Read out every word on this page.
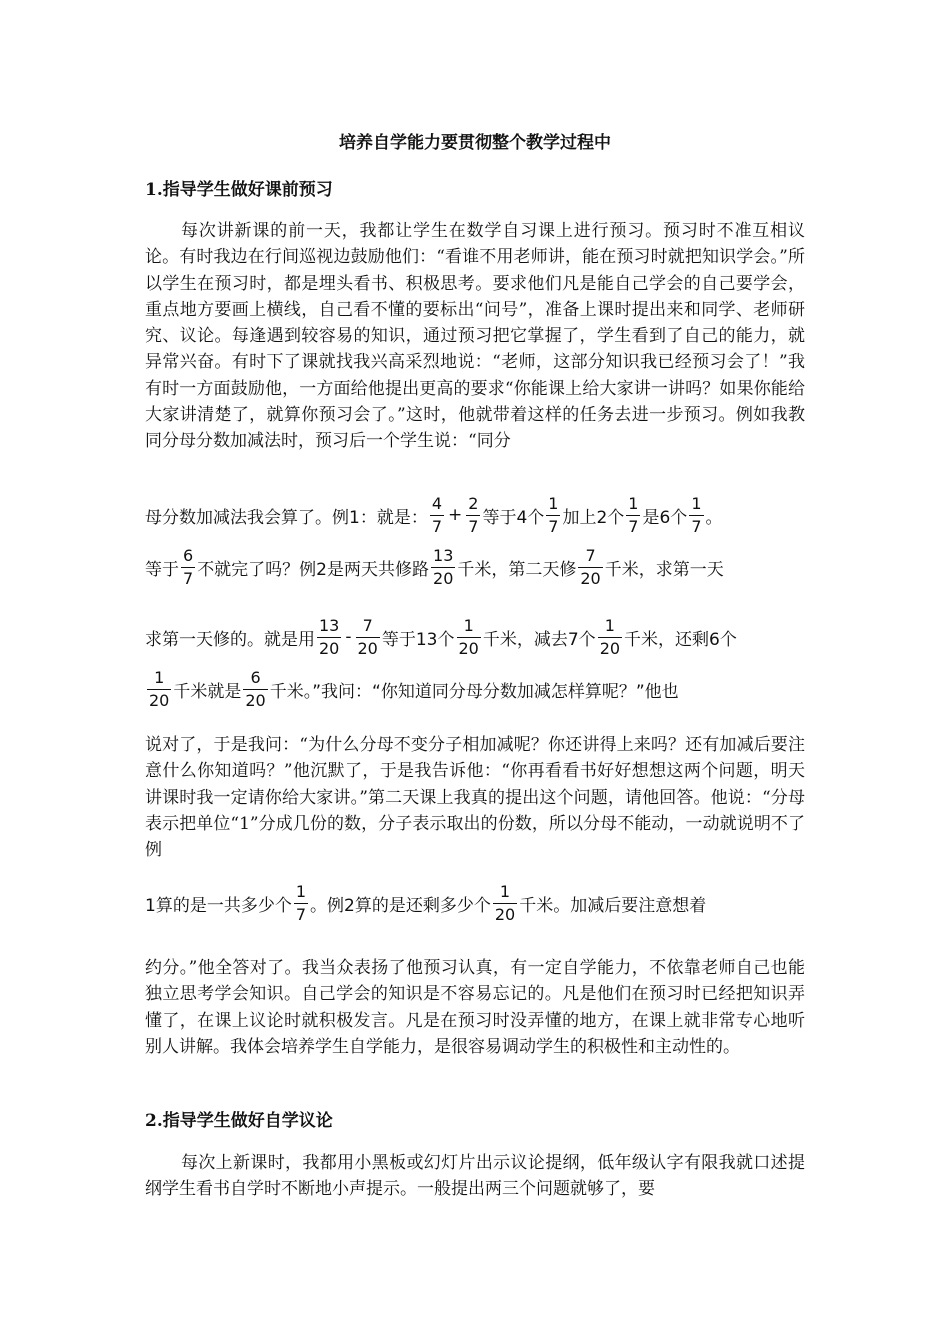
培养自学能力要贯彻整个教学过程中
1.指导学生做好课前预习

每次讲新课的前一天，我都让学生在数学自习课上进行预习。预习时不准互相议论。有时我边在行间巡视边鼓励他们：“看谁不用老师讲，能在预习时就把知识学会。”所以学生在预习时，都是埋头看书、积极思考。要求他们凡是能自己学会的自己要学会，重点地方要画上横线，自己看不懂的要标出“问号”，准备上课时提出来和同学、老师研究、议论。每逢遇到较容易的知识，通过预习把它掌握了，学生看到了自己的能力，就异常兴奋。有时下了课就找我兴高采烈地说：“老师，这部分知识我已经预习会了！”我有时一方面鼓励他，一方面给他提出更高的要求“你能课上给大家讲一讲吗？如果你能给大家讲清楚了，就算你预习会了。”这时，他就带着这样的任务去进一步预习。例如我教同分母分数加减法时，预习后一个学生说：“同分

母分数加减法我会算了。例1：就是： $\frac{4}{7} + \frac{2}{7}$ 等于4个 $\frac{1}{7}$ 加上2个 $\frac{1}{7}$ 是6个 $\frac{1}{7}$ 。
等于 $\frac{6}{7}$ 不就完了吗？例2是两天共修路 $\frac{13}{20}$ 千米，第二天修 $\frac{7}{20}$ 千米，求第一天
求第一天修的。就是用 $\frac{13}{20} - \frac{7}{20}$ 等于13个 $\frac{1}{20}$ 千米，减去7个 $\frac{1}{20}$ 千米，还剩6个
$\frac{1}{20}$ 千米就是 $\frac{6}{20}$ 千米。”我问：“你知道同分母分数加减怎样算呢？”他也

说对了，于是我问：“为什么分母不变分子相加减呢？你还讲得上来吗？还有加减后要注意什么你知道吗？”他沉默了，于是我告诉他：“你再看看书好好想想这两个问题，明天讲课时我一定请你给大家讲。”第二天课上我真的提出这个问题，请他回答。他说：“分母表示把单位“1”分成几份的数，分子表示取出的份数，所以分母不能动，一动就说明不了例

1算的是一共多少个 $\frac{1}{7}$ 。例2算的是还剩多少个 $\frac{1}{20}$ 千米。加减后要注意想着

约分。”他全答对了。我当众表扬了他预习认真，有一定自学能力，不依靠老师自己也能独立思考学会知识。自己学会的知识是不容易忘记的。凡是他们在预习时已经把知识弄懂了，在课上议论时就积极发言。凡是在预习时没弄懂的地方，在课上就非常专心地听别人讲解。我体会培养学生自学能力，是很容易调动学生的积极性和主动性的。

2.指导学生做好自学议论

每次上新课时，我都用小黑板或幻灯片出示议论提纲，低年级认字有限我就口述提纲学生看书自学时不断地小声提示。一般提出两三个问题就够了，要
